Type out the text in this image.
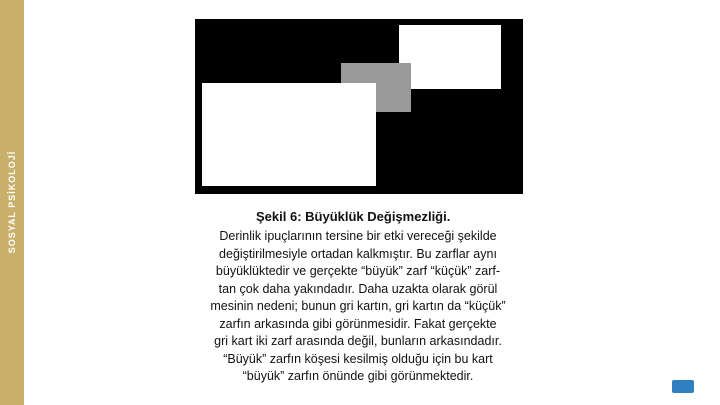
SOSYAL PSİKOLOJİ	Şekil 6: Büyüklük Değişmezliği.
Derinlik ipuçlarının tersine bir etki vereceği şekilde
değiştirilmesiyle ortadan kalkmıştır. Bu zarflar aynı
büyüklüktedir ve gerçekte “büyük” zarf “küçük” zarf-
tan çok daha yakındadır. Daha uzakta olarak görül
mesinin nedeni; bunun gri kartın, gri kartın da “küçük”
zarfın arkasında gibi görünmesidir. Fakat gerçekte
gri kart iki zarf arasında değil, bunların arkasındadır.
“Büyük” zarfın köşesi kesilmiş olduğu için bu kart
“büyük” zarfın önünde gibi görünmektedir.
